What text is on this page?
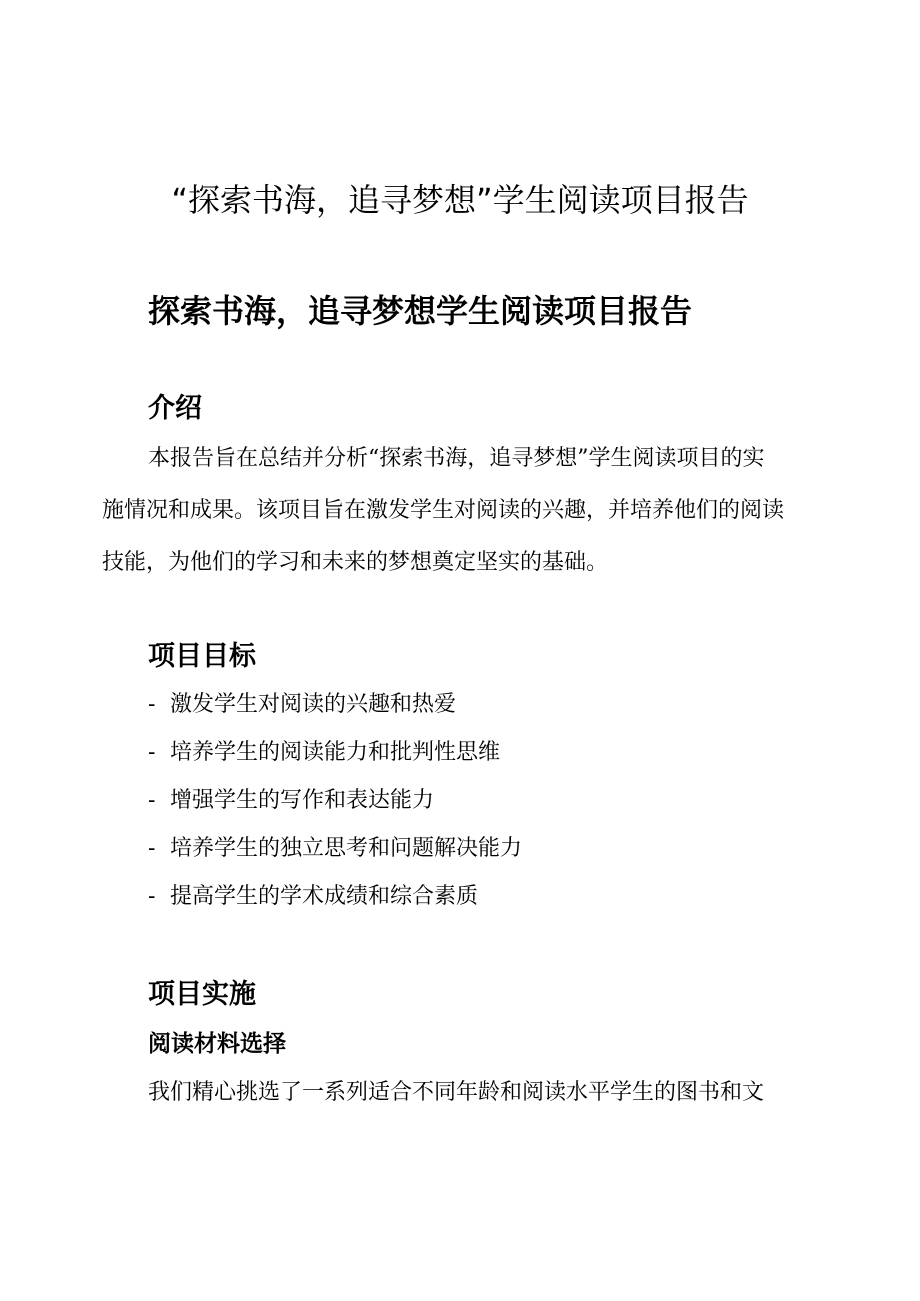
“探索书海，追寻梦想”学生阅读项目报告
探索书海，追寻梦想学生阅读项目报告
介绍
本报告旨在总结并分析“探索书海，追寻梦想”学生阅读项目的实
施情况和成果。该项目旨在激发学生对阅读的兴趣，并培养他们的阅读
技能，为他们的学习和未来的梦想奠定坚实的基础。
项目目标
- 激发学生对阅读的兴趣和热爱
- 培养学生的阅读能力和批判性思维
- 增强学生的写作和表达能力
- 培养学生的独立思考和问题解决能力
- 提高学生的学术成绩和综合素质
项目实施
阅读材料选择

我们精心挑选了一系列适合不同年龄和阅读水平学生的图书和文
